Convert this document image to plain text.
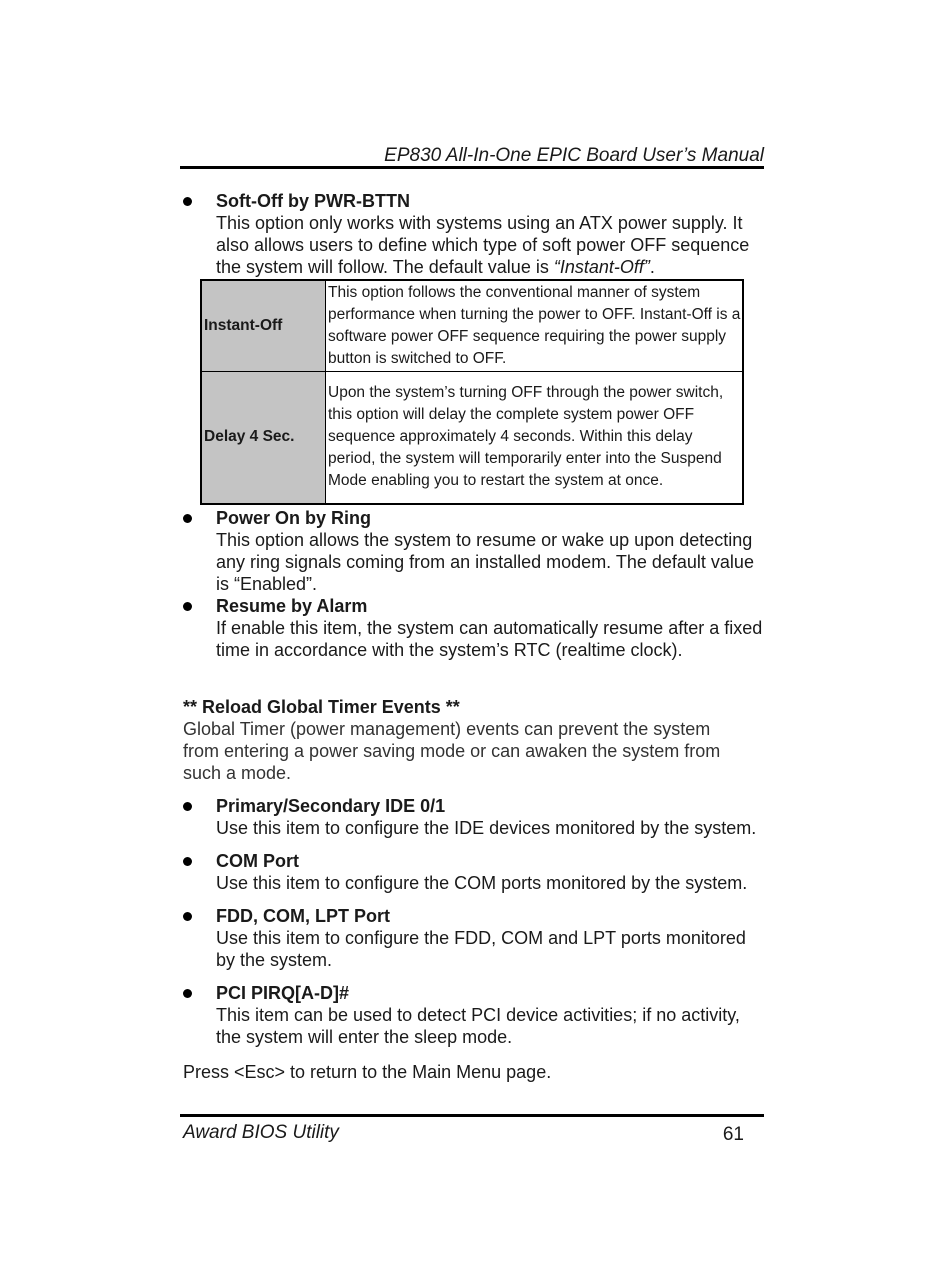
EP830 All-In-One EPIC Board User’s Manual
Soft-Off by PWR-BTTN
This option only works with systems using an ATX power supply. It also allows users to define which type of soft power OFF sequence the system will follow. The default value is “Instant-Off”.
Instant-Off	This option follows the conventional manner of system performance when turning the power to OFF. Instant-Off is a software power OFF sequence requiring the power supply button is switched to OFF.
Delay 4 Sec.	Upon the system’s turning OFF through the power switch, this option will delay the complete system power OFF sequence approximately 4 seconds. Within this delay period, the system will temporarily enter into the Suspend Mode enabling you to restart the system at once.
Power On by Ring
This option allows the system to resume or wake up upon detecting any ring signals coming from an installed modem. The default value is “Enabled”.
Resume by Alarm
If enable this item, the system can automatically resume after a fixed time in accordance with the system’s RTC (realtime clock).
** Reload Global Timer Events **
Global Timer (power management) events can prevent the system from entering a power saving mode or can awaken the system from such a mode.
Primary/Secondary IDE 0/1
Use this item to configure the IDE devices monitored by the system.
COM Port
Use this item to configure the COM ports monitored by the system.
FDD, COM, LPT Port
Use this item to configure the FDD, COM and LPT ports monitored by the system.
PCI PIRQ[A-D]#
This item can be used to detect PCI device activities; if no activity, the system will enter the sleep mode.
Press <Esc> to return to the Main Menu page.
Award BIOS Utility	61
